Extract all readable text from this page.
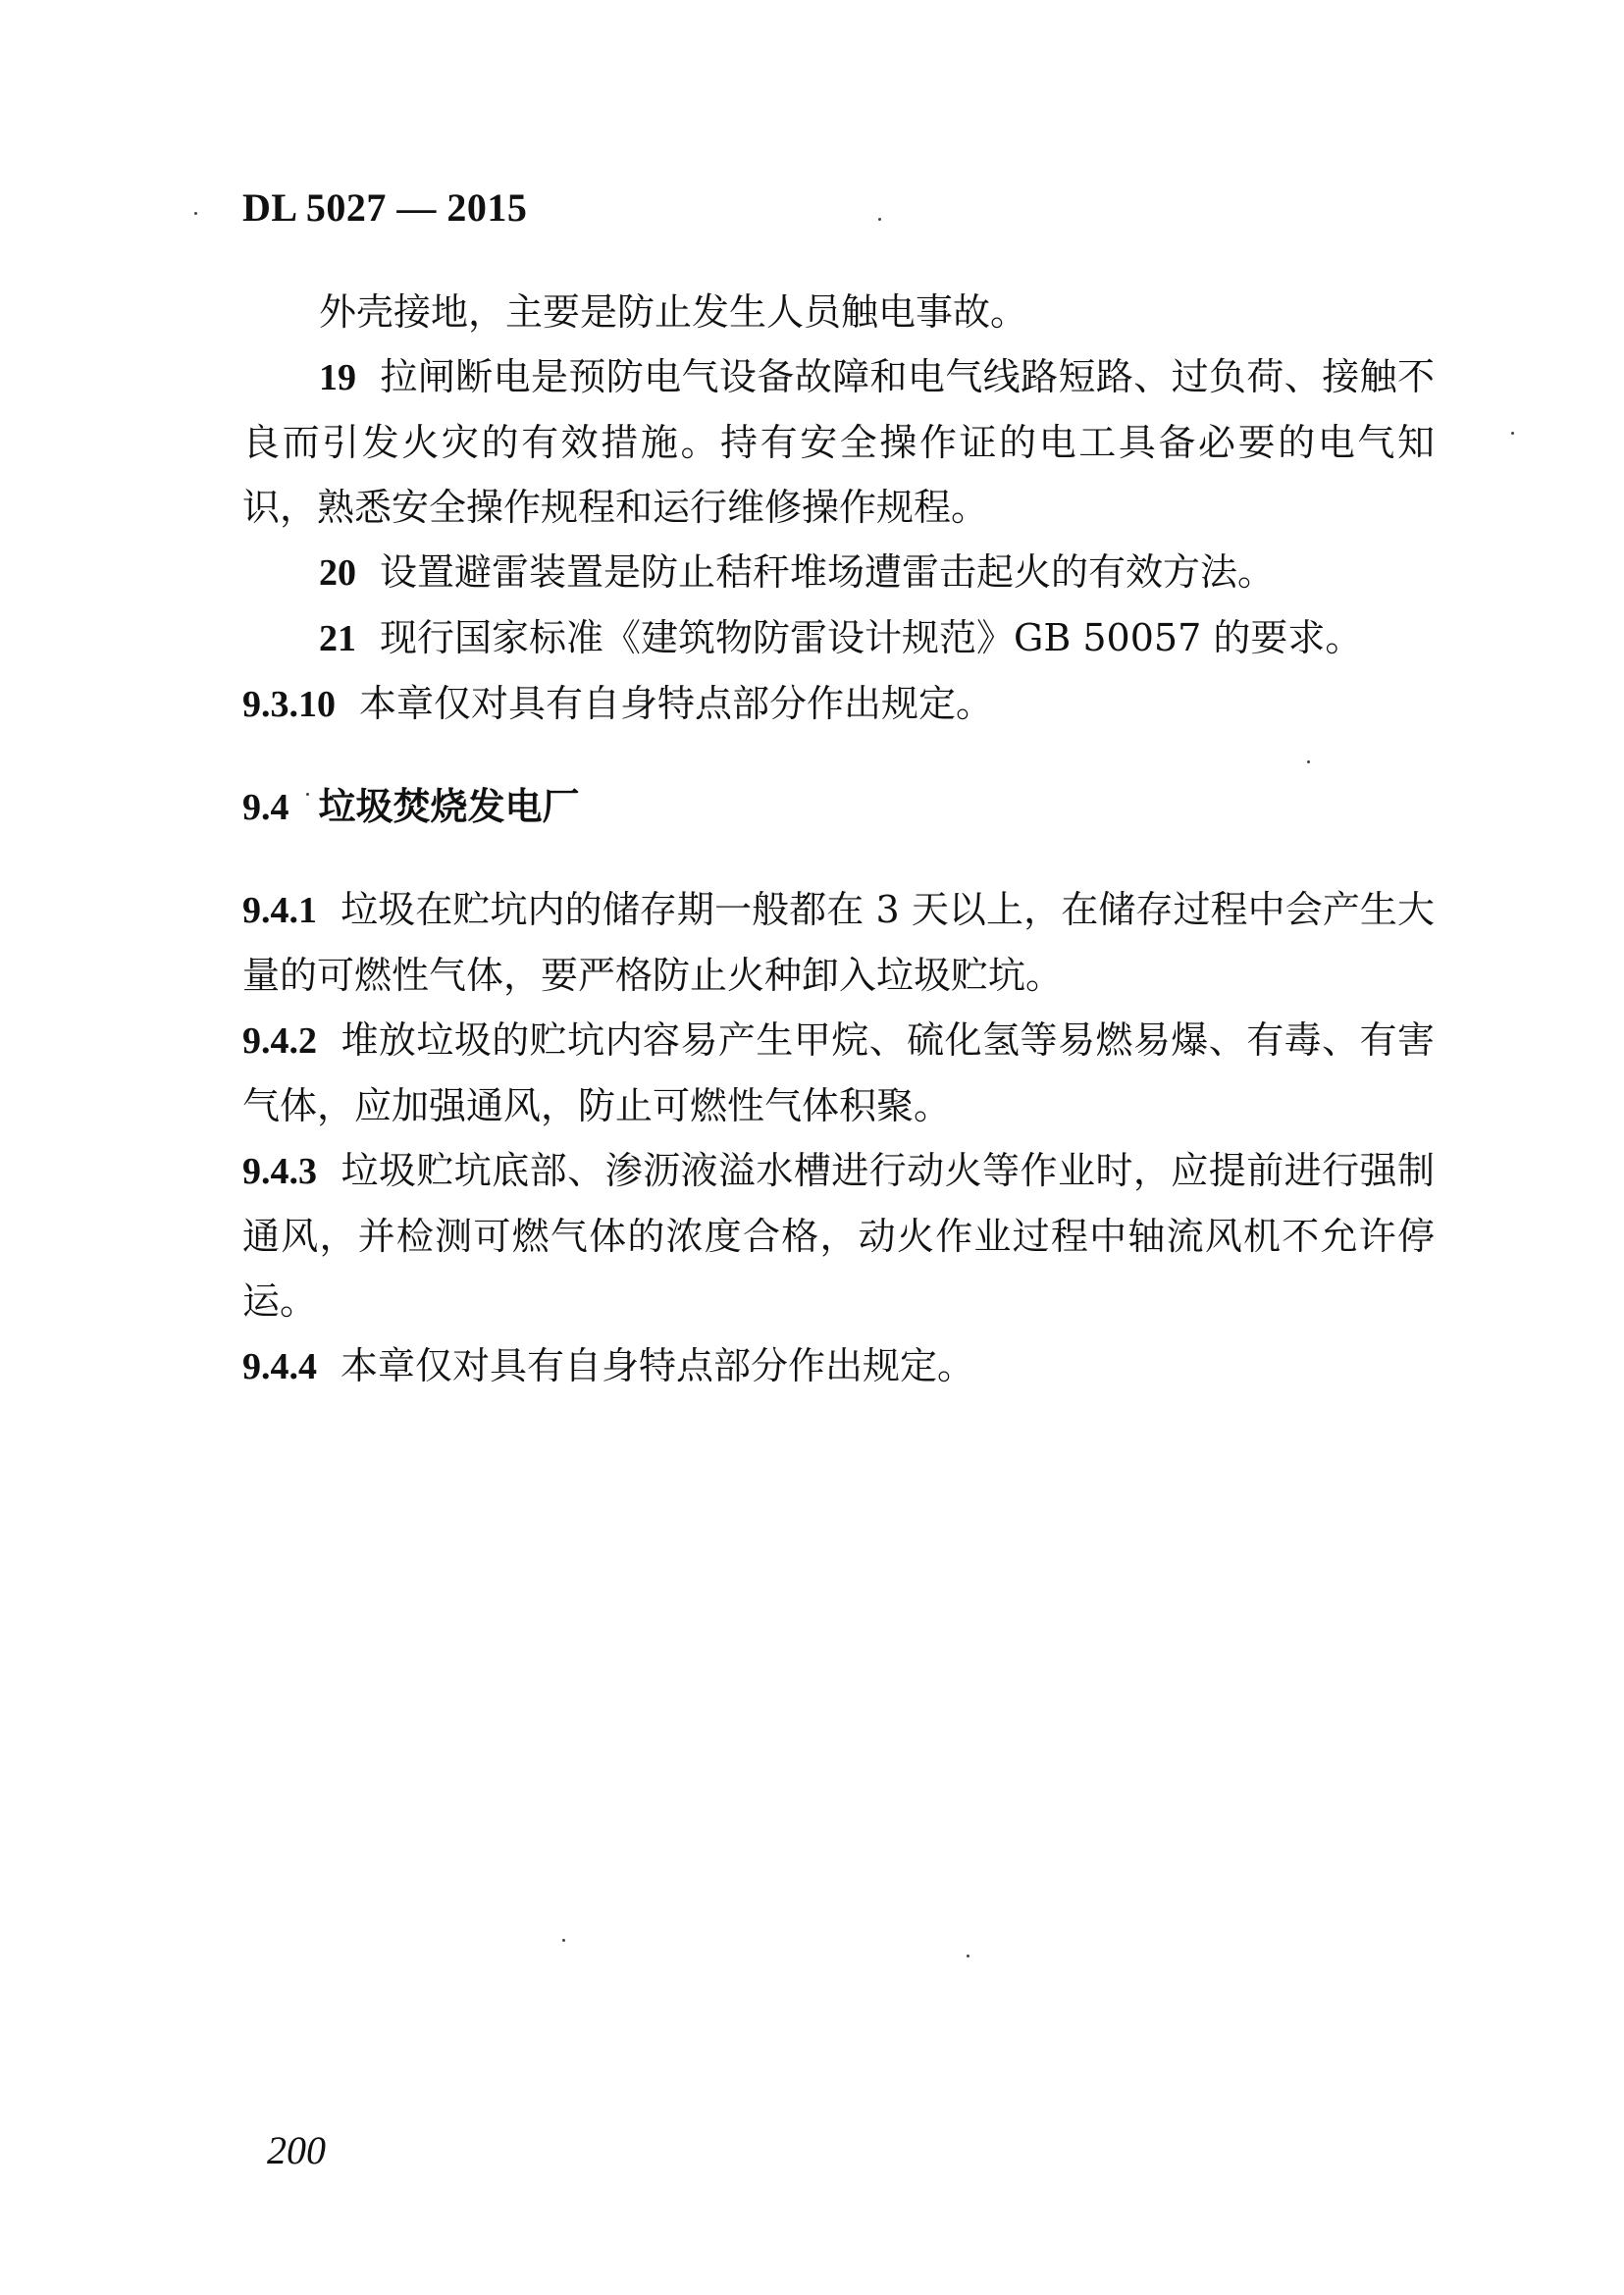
DL 5027 — 2015

外壳接地，主要是防止发生人员触电事故。

19 拉闸断电是预防电气设备故障和电气线路短路、过负荷、接触不良而引发火灾的有效措施。持有安全操作证的电工具备必要的电气知识，熟悉安全操作规程和运行维修操作规程。

20 设置避雷装置是防止秸秆堆场遭雷击起火的有效方法。

21 现行国家标准《建筑物防雷设计规范》GB 50057 的要求。

9.3.10 本章仅对具有自身特点部分作出规定。

9.4 垃圾焚烧发电厂

9.4.1 垃圾在贮坑内的储存期一般都在 3 天以上，在储存过程中会产生大量的可燃性气体，要严格防止火种卸入垃圾贮坑。

9.4.2 堆放垃圾的贮坑内容易产生甲烷、硫化氢等易燃易爆、有毒、有害气体，应加强通风，防止可燃性气体积聚。

9.4.3 垃圾贮坑底部、渗沥液溢水槽进行动火等作业时，应提前进行强制通风，并检测可燃气体的浓度合格，动火作业过程中轴流风机不允许停运。

9.4.4 本章仅对具有自身特点部分作出规定。

200
